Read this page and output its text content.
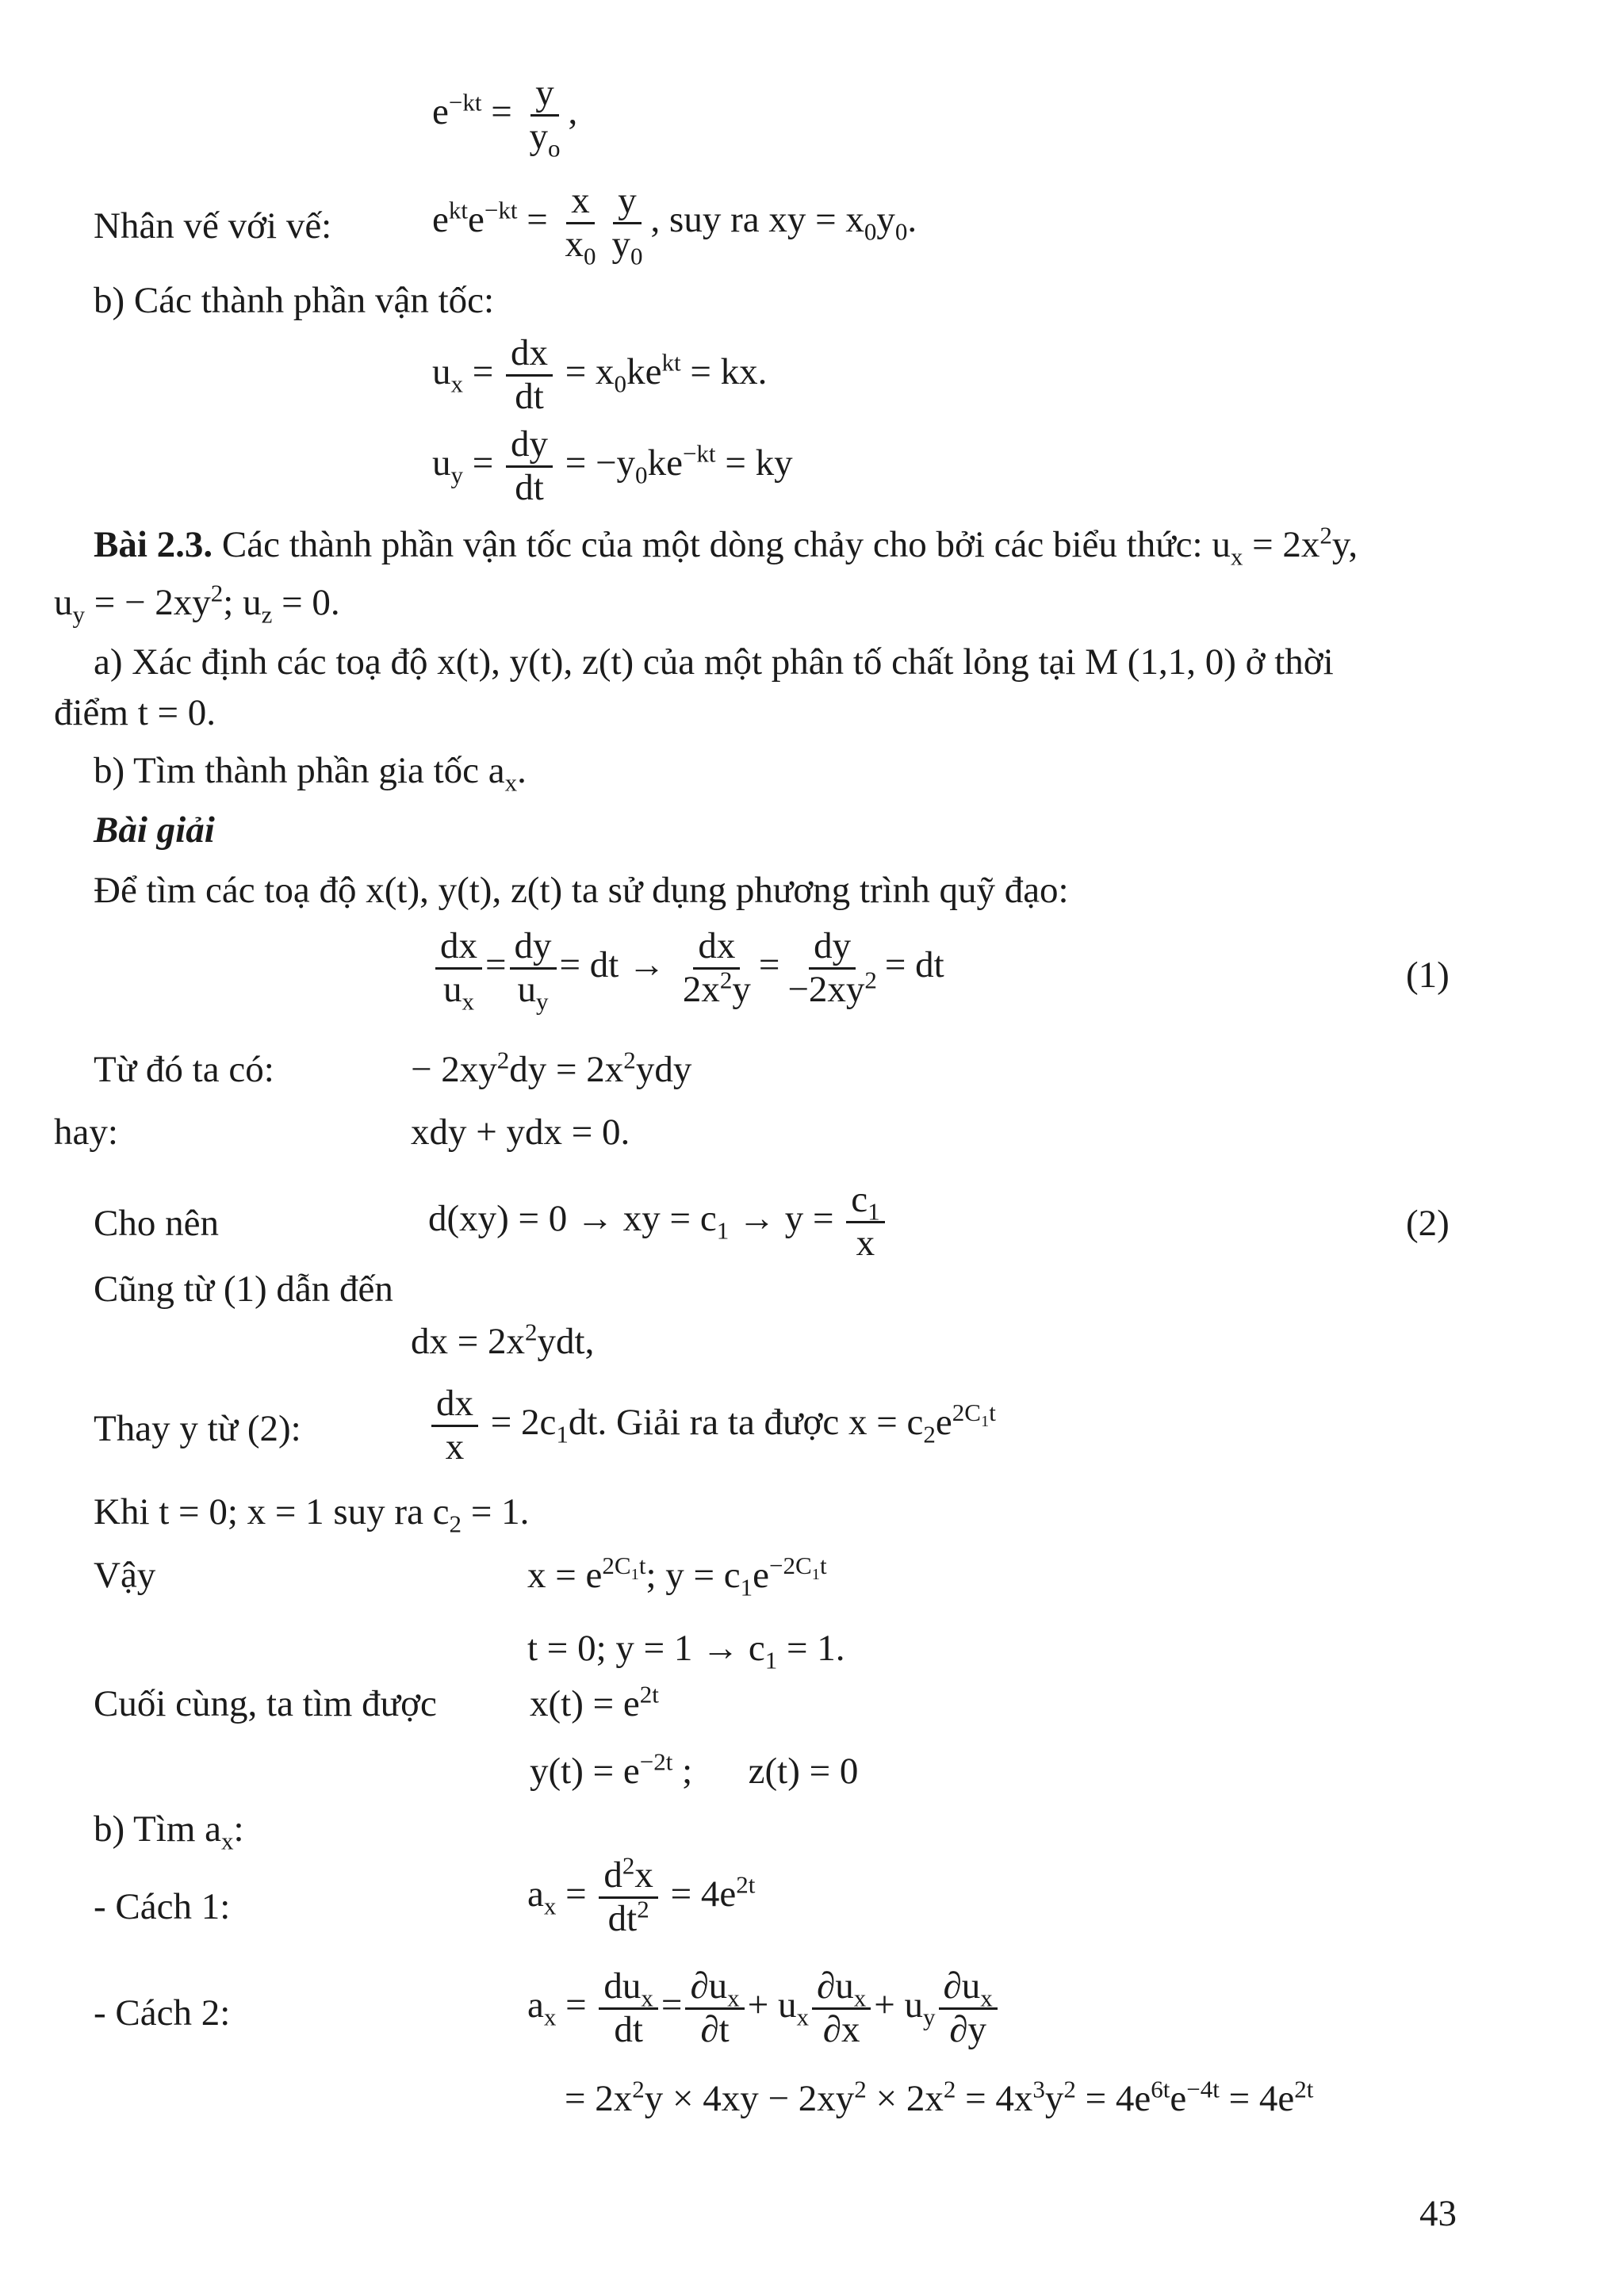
$e^{-kt} = \frac{y}{y_o}$ ,
Nhân vế với vế:	$e^{kt}e^{-kt} = \frac{x}{x_0} \frac{y}{y_0}$ , suy ra xy = $x_0y_0$.
b) Các thành phần vận tốc:
$u_x = \frac{dx}{dt} = x_0ke^{kt}$ = kx.
$u_y = \frac{dy}{dt} = -y_0ke^{-kt}$ = ky
Bài 2.3. Các thành phần vận tốc của một dòng chảy cho bởi các biểu thức: $u_x = 2x^2y$,
$u_y$ = − $2xy^2$; $u_z = 0$.
a) Xác định các toạ độ x(t), y(t), z(t) của một phân tố chất lỏng tại M (1,1, 0) ở thời
điểm t = 0.
b) Tìm thành phần gia tốc $a_x$.
Bài giải
Để tìm các toạ độ x(t), y(t), z(t) ta sử dụng phương trình quỹ đạo:
$\frac{dx}{u_x} = \frac{dy}{u_y}$ = dt → $\frac{dx}{2x^2y} = \frac{dy}{-2xy^2}$ = dt	(1)
Từ đó ta có:	− $2xy^2dy = 2x^2ydy$
hay:	xdy + ydx = 0.
Cho nên	d(xy) = 0 → xy = $c_1 \to y = \frac{c_1}{x}$	(2)
Cũng từ (1) dẫn đến
dx = $2x^2ydt$,
Thay y từ (2):	$\frac{dx}{x} = 2c_1dt$. Giải ra ta được $x = c_2e^{2C_1t}$
Khi t = 0; x = 1 suy ra $c_2 = 1$.
Vậy	$x = e^{2C_1t}$; $y = c_1e^{-2C_1t}$
t = 0; $y = 1 \to c_1 = 1$.
Cuối cùng, ta tìm được $x(t) = e^{2t}$
$y(t) = e^{-2t}$ ;      z(t) = 0
b) Tìm $a_x$:
- Cách 1:	$a_x = \frac{d^2x}{dt^2} = 4e^{2t}$
- Cách 2:	$a_x = \frac{du_x}{dt} = \frac{\partial u_x}{\partial t} + u_x \frac{\partial u_x}{\partial x} + u_y \frac{\partial u_x}{\partial y}$
= $2x^2y \times 4xy - 2xy^2 \times 2x^2 = 4x^3y^2 = 4e^{6t}e^{-4t} = 4e^{2t}$
43
